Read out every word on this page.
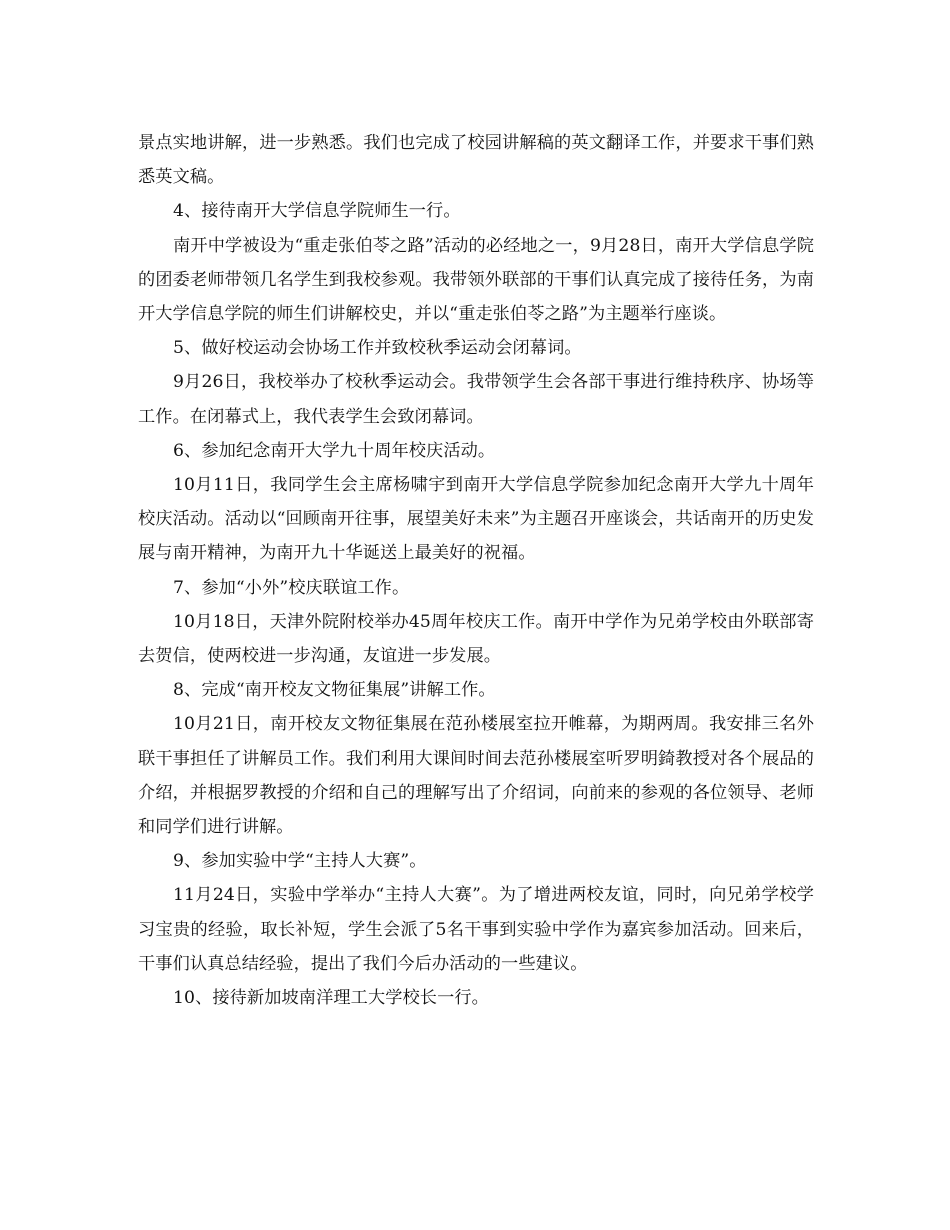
景点实地讲解，进一步熟悉。我们也完成了校园讲解稿的英文翻译工作，并要求干事们熟悉英文稿。

4、接待南开大学信息学院师生一行。

南开中学被设为“重走张伯苓之路”活动的必经地之一，9月28日，南开大学信息学院的团委老师带领几名学生到我校参观。我带领外联部的干事们认真完成了接待任务，为南开大学信息学院的师生们讲解校史，并以“重走张伯苓之路”为主题举行座谈。

5、做好校运动会协场工作并致校秋季运动会闭幕词。

9月26日，我校举办了校秋季运动会。我带领学生会各部干事进行维持秩序、协场等工作。在闭幕式上，我代表学生会致闭幕词。

6、参加纪念南开大学九十周年校庆活动。

10月11日，我同学生会主席杨啸宇到南开大学信息学院参加纪念南开大学九十周年校庆活动。活动以“回顾南开往事，展望美好未来”为主题召开座谈会，共话南开的历史发展与南开精神，为南开九十华诞送上最美好的祝福。

7、参加“小外”校庆联谊工作。

10月18日，天津外院附校举办45周年校庆工作。南开中学作为兄弟学校由外联部寄去贺信，使两校进一步沟通，友谊进一步发展。

8、完成“南开校友文物征集展”讲解工作。

10月21日，南开校友文物征集展在范孙楼展室拉开帷幕，为期两周。我安排三名外联干事担任了讲解员工作。我们利用大课间时间去范孙楼展室听罗明錡教授对各个展品的介绍，并根据罗教授的介绍和自己的理解写出了介绍词，向前来的参观的各位领导、老师和同学们进行讲解。

9、参加实验中学“主持人大赛”。

11月24日，实验中学举办“主持人大赛”。为了增进两校友谊，同时，向兄弟学校学习宝贵的经验，取长补短，学生会派了5名干事到实验中学作为嘉宾参加活动。回来后，干事们认真总结经验，提出了我们今后办活动的一些建议。

10、接待新加坡南洋理工大学校长一行。
